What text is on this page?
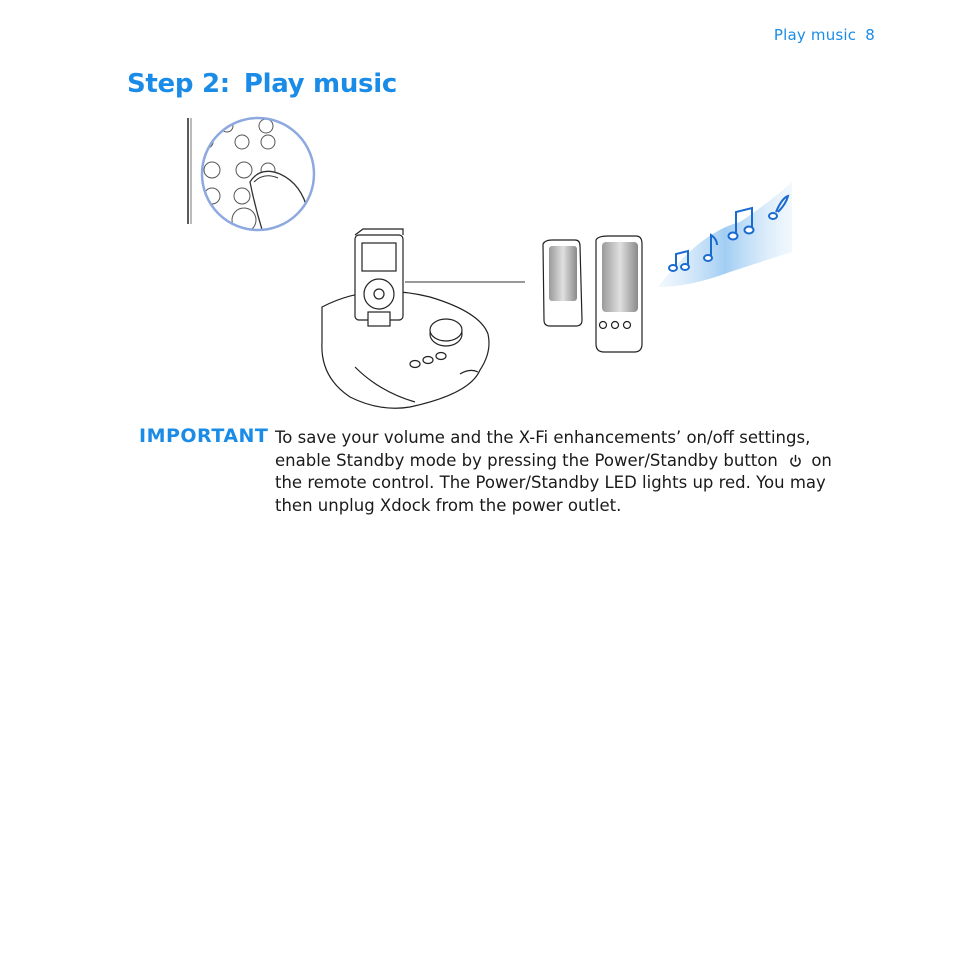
Play music 8
Step 2: Play music
IMPORTANT To save your volume and the X-Fi enhancements’ on/off settings, enable Standby mode by pressing the Power/Standby button on the remote control. The Power/Standby LED lights up red. You may then unplug Xdock from the power outlet.
